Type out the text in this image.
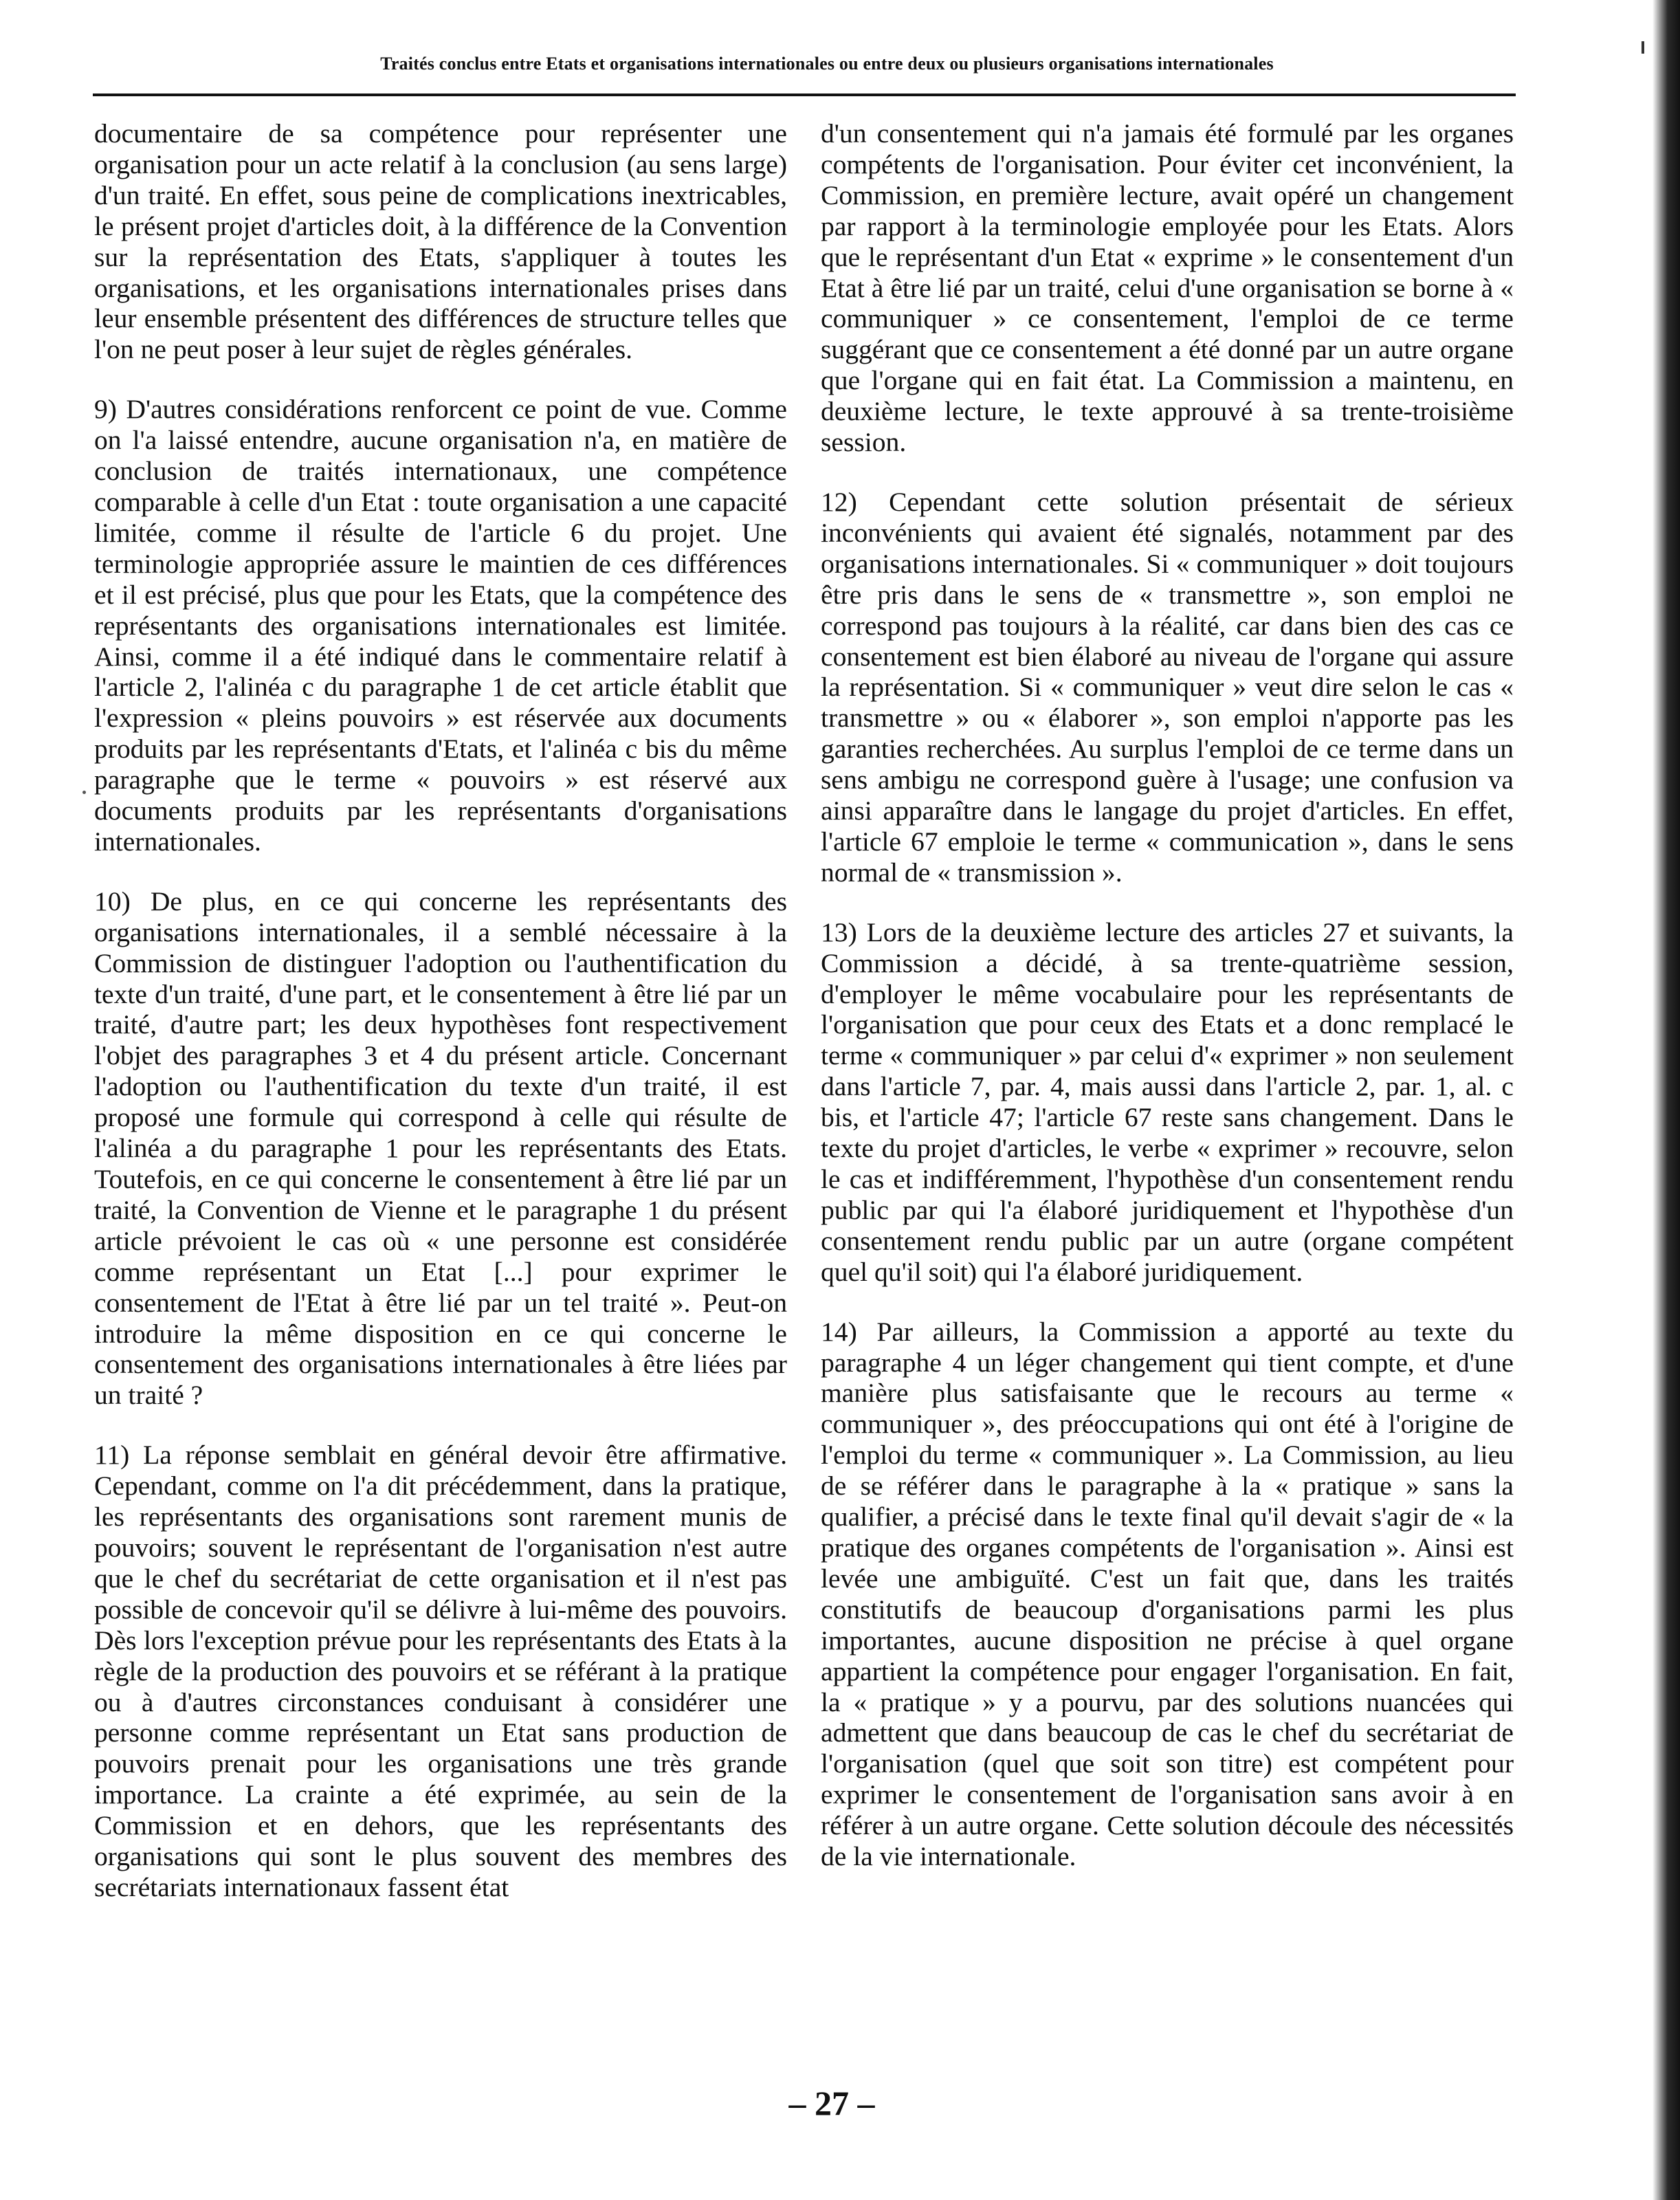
Traités conclus entre Etats et organisations internationales ou entre deux ou plusieurs organisations internationales

documentaire de sa compétence pour représenter une organisation pour un acte relatif à la conclusion (au sens large) d'un traité. En effet, sous peine de complications inextricables, le présent projet d'articles doit, à la différence de la Convention sur la représentation des Etats, s'appliquer à toutes les organisations, et les organisations internationales prises dans leur ensemble présentent des différences de structure telles que l'on ne peut poser à leur sujet de règles générales.

9) D'autres considérations renforcent ce point de vue. Comme on l'a laissé entendre, aucune organisation n'a, en matière de conclusion de traités internationaux, une compétence comparable à celle d'un Etat : toute organisation a une capacité limitée, comme il résulte de l'article 6 du projet. Une terminologie appropriée assure le maintien de ces différences et il est précisé, plus que pour les Etats, que la compétence des représentants des organisations internationales est limitée. Ainsi, comme il a été indiqué dans le commentaire relatif à l'article 2, l'alinéa c du paragraphe 1 de cet article établit que l'expression « pleins pouvoirs » est réservée aux documents produits par les représentants d'Etats, et l'alinéa c bis du même paragraphe que le terme « pouvoirs » est réservé aux documents produits par les représentants d'organisations internationales.

10) De plus, en ce qui concerne les représentants des organisations internationales, il a semblé nécessaire à la Commission de distinguer l'adoption ou l'authentification du texte d'un traité, d'une part, et le consentement à être lié par un traité, d'autre part; les deux hypothèses font respectivement l'objet des paragraphes 3 et 4 du présent article. Concernant l'adoption ou l'authentification du texte d'un traité, il est proposé une formule qui correspond à celle qui résulte de l'alinéa a du paragraphe 1 pour les représentants des Etats. Toutefois, en ce qui concerne le consentement à être lié par un traité, la Convention de Vienne et le paragraphe 1 du présent article prévoient le cas où « une personne est considérée comme représentant un Etat [...] pour exprimer le consentement de l'Etat à être lié par un tel traité ». Peut-on introduire la même disposition en ce qui concerne le consentement des organisations internationales à être liées par un traité ?

11) La réponse semblait en général devoir être affirmative. Cependant, comme on l'a dit précédemment, dans la pratique, les représentants des organisations sont rarement munis de pouvoirs; souvent le représentant de l'organisation n'est autre que le chef du secrétariat de cette organisation et il n'est pas possible de concevoir qu'il se délivre à lui-même des pouvoirs. Dès lors l'exception prévue pour les représentants des Etats à la règle de la production des pouvoirs et se référant à la pratique ou à d'autres circonstances conduisant à considérer une personne comme représentant un Etat sans production de pouvoirs prenait pour les organisations une très grande importance. La crainte a été exprimée, au sein de la Commission et en dehors, que les représentants des organisations qui sont le plus souvent des membres des secrétariats internationaux fassent état

d'un consentement qui n'a jamais été formulé par les organes compétents de l'organisation. Pour éviter cet inconvénient, la Commission, en première lecture, avait opéré un changement par rapport à la terminologie employée pour les Etats. Alors que le représentant d'un Etat « exprime » le consentement d'un Etat à être lié par un traité, celui d'une organisation se borne à « communiquer » ce consentement, l'emploi de ce terme suggérant que ce consentement a été donné par un autre organe que l'organe qui en fait état. La Commission a maintenu, en deuxième lecture, le texte approuvé à sa trente-troisième session.

12) Cependant cette solution présentait de sérieux inconvénients qui avaient été signalés, notamment par des organisations internationales. Si « communiquer » doit toujours être pris dans le sens de « transmettre », son emploi ne correspond pas toujours à la réalité, car dans bien des cas ce consentement est bien élaboré au niveau de l'organe qui assure la représentation. Si « communiquer » veut dire selon le cas « transmettre » ou « élaborer », son emploi n'apporte pas les garanties recherchées. Au surplus l'emploi de ce terme dans un sens ambigu ne correspond guère à l'usage; une confusion va ainsi apparaître dans le langage du projet d'articles. En effet, l'article 67 emploie le terme « communication », dans le sens normal de « transmission ».

13) Lors de la deuxième lecture des articles 27 et suivants, la Commission a décidé, à sa trente-quatrième session, d'employer le même vocabulaire pour les représentants de l'organisation que pour ceux des Etats et a donc remplacé le terme « communiquer » par celui d'« exprimer » non seulement dans l'article 7, par. 4, mais aussi dans l'article 2, par. 1, al. c bis, et l'article 47; l'article 67 reste sans changement. Dans le texte du projet d'articles, le verbe « exprimer » recouvre, selon le cas et indifféremment, l'hypothèse d'un consentement rendu public par qui l'a élaboré juridiquement et l'hypothèse d'un consentement rendu public par un autre (organe compétent quel qu'il soit) qui l'a élaboré juridiquement.

14) Par ailleurs, la Commission a apporté au texte du paragraphe 4 un léger changement qui tient compte, et d'une manière plus satisfaisante que le recours au terme « communiquer », des préoccupations qui ont été à l'origine de l'emploi du terme « communiquer ». La Commission, au lieu de se référer dans le paragraphe à la « pratique » sans la qualifier, a précisé dans le texte final qu'il devait s'agir de « la pratique des organes compétents de l'organisation ». Ainsi est levée une ambiguïté. C'est un fait que, dans les traités constitutifs de beaucoup d'organisations parmi les plus importantes, aucune disposition ne précise à quel organe appartient la compétence pour engager l'organisation. En fait, la « pratique » y a pourvu, par des solutions nuancées qui admettent que dans beaucoup de cas le chef du secrétariat de l'organisation (quel que soit son titre) est compétent pour exprimer le consentement de l'organisation sans avoir à en référer à un autre organe. Cette solution découle des nécessités de la vie internationale.

– 27 –
